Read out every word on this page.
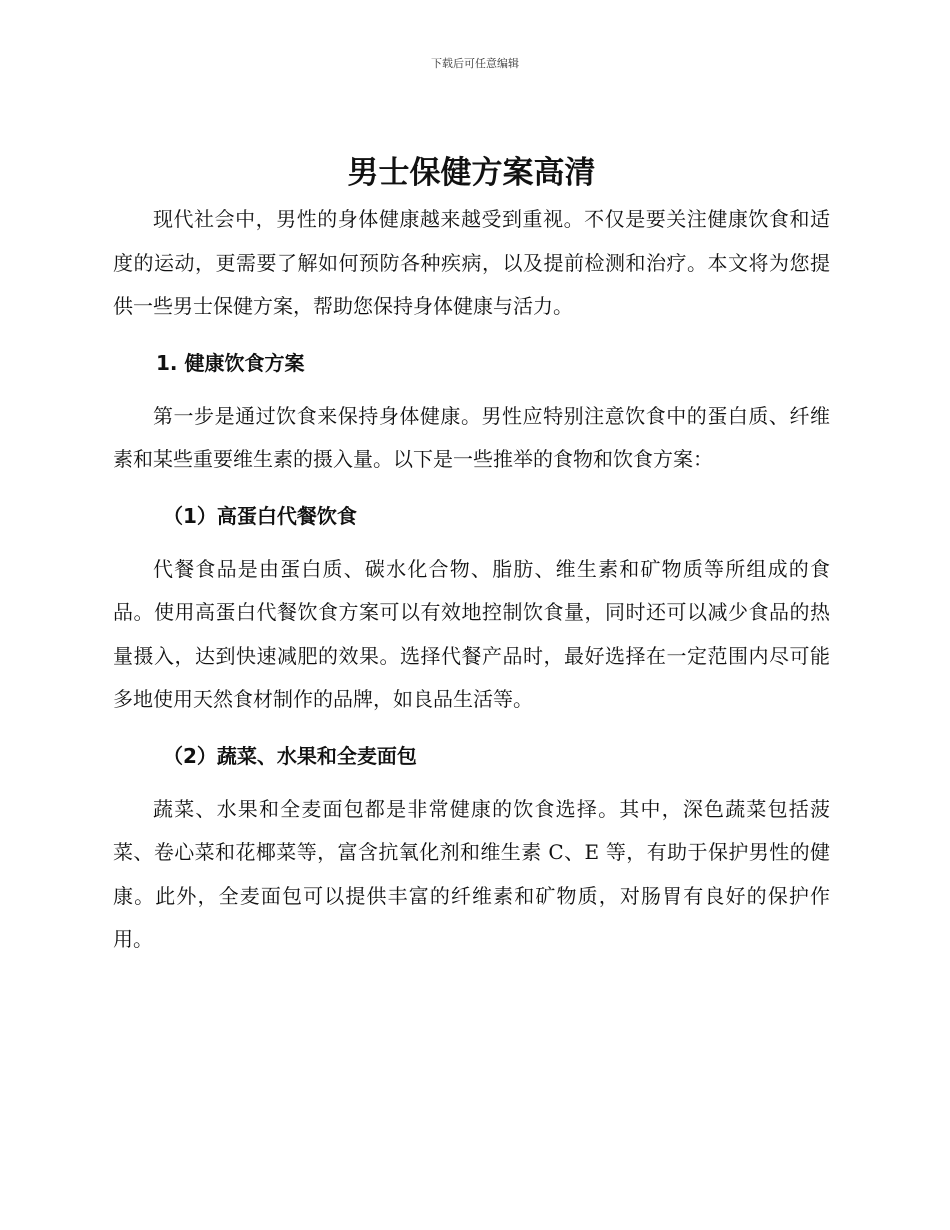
下载后可任意编辑
男士保健方案高清

现代社会中，男性的身体健康越来越受到重视。不仅是要关注健康饮食和适度的运动，更需要了解如何预防各种疾病，以及提前检测和治疗。本文将为您提供一些男士保健方案，帮助您保持身体健康与活力。

1. 健康饮食方案

第一步是通过饮食来保持身体健康。男性应特别注意饮食中的蛋白质、纤维素和某些重要维生素的摄入量。以下是一些推举的食物和饮食方案：

（1）高蛋白代餐饮食

代餐食品是由蛋白质、碳水化合物、脂肪、维生素和矿物质等所组成的食品。使用高蛋白代餐饮食方案可以有效地控制饮食量，同时还可以减少食品的热量摄入，达到快速减肥的效果。选择代餐产品时，最好选择在一定范围内尽可能多地使用天然食材制作的品牌，如良品生活等。

（2）蔬菜、水果和全麦面包

蔬菜、水果和全麦面包都是非常健康的饮食选择。其中，深色蔬菜包括菠菜、卷心菜和花椰菜等，富含抗氧化剂和维生素 C、E 等，有助于保护男性的健康。此外，全麦面包可以提供丰富的纤维素和矿物质，对肠胃有良好的保护作用。
